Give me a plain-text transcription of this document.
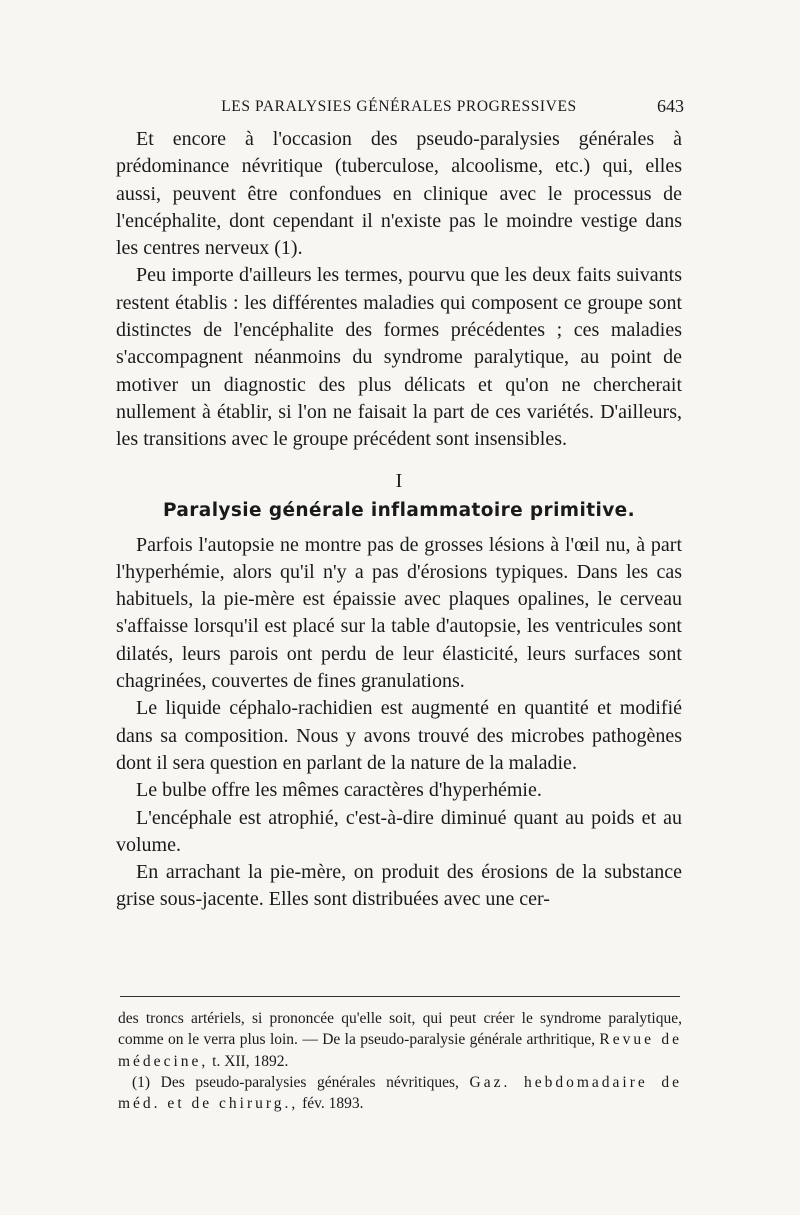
LES PARALYSIES GÉNÉRALES PROGRESSIVES	643

Et encore à l'occasion des pseudo-paralysies générales à prédominance névritique (tuberculose, alcoolisme, etc.) qui, elles aussi, peuvent être confondues en clinique avec le processus de l'encéphalite, dont cependant il n'existe pas le moindre vestige dans les centres nerveux (1).

Peu importe d'ailleurs les termes, pourvu que les deux faits suivants restent établis : les différentes maladies qui composent ce groupe sont distinctes de l'encéphalite des formes précédentes ; ces maladies s'accompagnent néanmoins du syndrome paralytique, au point de motiver un diagnostic des plus délicats et qu'on ne chercherait nullement à établir, si l'on ne faisait la part de ces variétés. D'ailleurs, les transitions avec le groupe précédent sont insensibles.

I
Paralysie générale inflammatoire primitive.

Parfois l'autopsie ne montre pas de grosses lésions à l'œil nu, à part l'hyperhémie, alors qu'il n'y a pas d'érosions typiques. Dans les cas habituels, la pie-mère est épaissie avec plaques opalines, le cerveau s'affaisse lorsqu'il est placé sur la table d'autopsie, les ventricules sont dilatés, leurs parois ont perdu de leur élasticité, leurs surfaces sont chagrinées, couvertes de fines granulations.

Le liquide céphalo-rachidien est augmenté en quantité et modifié dans sa composition. Nous y avons trouvé des microbes pathogènes dont il sera question en parlant de la nature de la maladie.

Le bulbe offre les mêmes caractères d'hyperhémie.

L'encéphale est atrophié, c'est-à-dire diminué quant au poids et au volume.

En arrachant la pie-mère, on produit des érosions de la substance grise sous-jacente. Elles sont distribuées avec une cer-

des troncs artériels, si prononcée qu'elle soit, qui peut créer le syndrome paralytique, comme on le verra plus loin. — De la pseudo-paralysie générale arthritique, Revue de médecine, t. XII, 1892.

(1) Des pseudo-paralysies générales névritiques, Gaz. hebdomadaire de méd. et de chirurg., fév. 1893.
